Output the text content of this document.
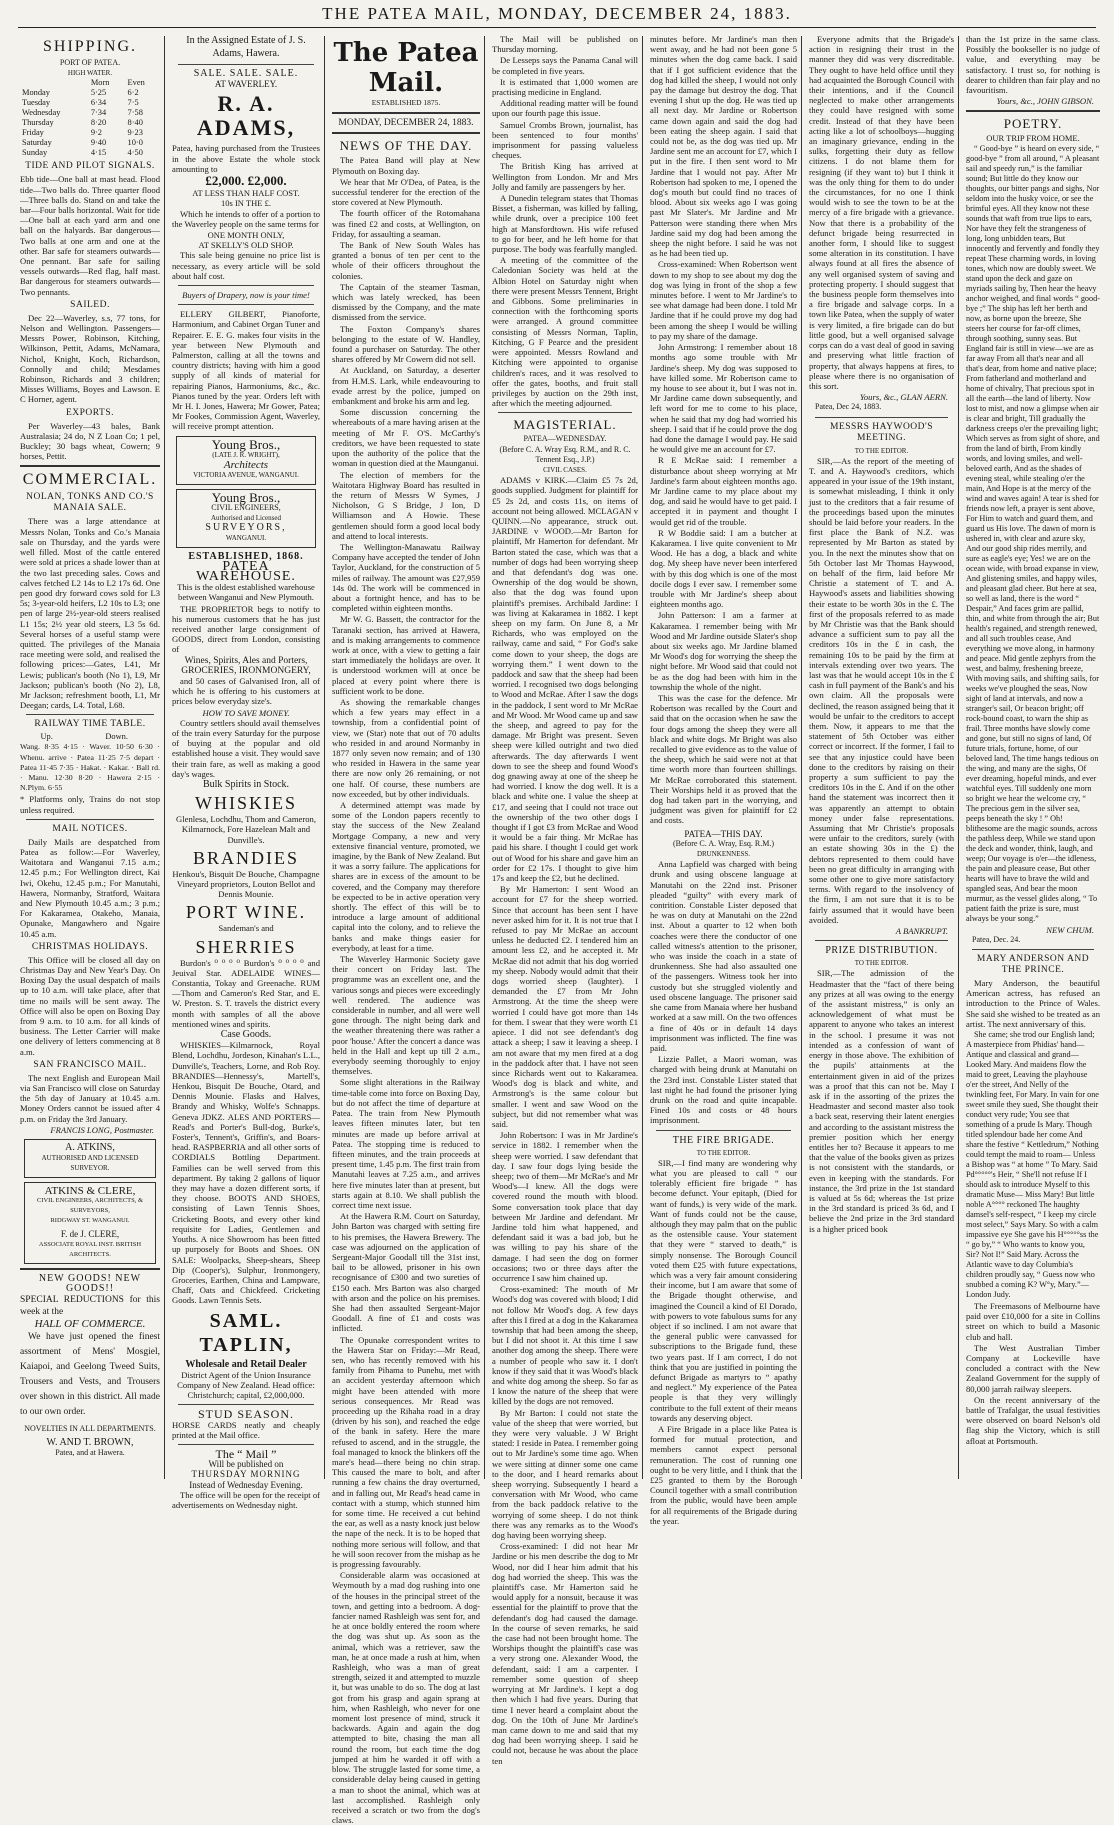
THE PATEA MAIL, MONDAY, DECEMBER 24, 1883.
SHIPPING.
PORT OF PATEA.
HIGH WATER.
	Morn	Even
Monday	5·25	6·2
Tuesday	6·34	7·5
Wednesday	7·34	7·58
Thursday	8·20	8·40
Friday	9·2	9·23
Saturday	9·40	10·0
Sunday	4·15	4·50
TIDE AND PILOT SIGNALS.

Ebb tide—One ball at mast head. Flood tide—Two balls do. Three quarter flood—Three balls do. Stand on and take the bar—Four balls horizontal. Wait for tide—One ball at each yard arm and one ball on the halyards. Bar dangerous—Two balls at one arm and one at the other. Bar safe for steamers outwards—One pennant. Bar safe for sailing vessels outwards—Red flag, half mast. Bar dangerous for steamers outwards—Two pennants.

SAILED.

Dec 22—Waverley, s.s, 77 tons, for Nelson and Wellington. Passengers—Messrs Power, Robinson, Kitching, Wilkinson, Pettit, Adams, McNamara, Nichol, Knight, Koch, Richardson, Connolly and child; Mesdames Robinson, Richards and 3 children; Misses Williams, Boyes and Lawson. E C Horner, agent.

EXPORTS.

Per Waverley—43 bales, Bank Australasia; 24 do, N Z Loan Co; 1 pel, Buckley; 30 bags wheat, Cowern; 9 horses, Pettit.

COMMERCIAL.
NOLAN, TONKS AND CO.'S MANAIA SALE.

There was a large attendance at Messrs Nolan, Tonks and Co.'s Manaia sale on Thursday, and the yards were well filled. Most of the cattle entered were sold at prices a shade lower than at the two last preceding sales. Cows and calves fetched L2 14s to L2 17s 6d. One pen good dry forward cows sold for L3 5s; 3-year-old heifers, L2 10s to L3; one pen of large 2½-year-old steers realised L1 15s; 2½ year old steers, L3 5s 6d. Several horses of a useful stamp were quitted. The privileges of the Manaia race meeting were sold, and realised the following prices:—Gates, L41, Mr Lewis; publican's booth (No 1), L9, Mr Jackson; publican's booth (No 2), L8, Mr Jackson; refreshment booth, L1, Mr Deegan; cards, L4. Total, L68.

RAILWAY TIME TABLE.
Up.	Down.

Wang. 8·35 4·15 · Waver. 10·50 6·30 · Whenu. arrive · Patea 11·25 7·5 depart · Patea 11·45 7·35 · Hakat. · Kakar. · Ball rd. · Manu. 12·30 8·20 · Hawera 2·15 · N.Plym. 6·55

* Platforms only, Trains do not stop unless required.

MAIL NOTICES.

Daily Mails are despatched from Patea as follow:—For Waverley, Waitotara and Wanganui 7.15 a.m.; 12.45 p.m.; For Wellington direct, Kai Iwi, Okehu, 12.45 p.m.; For Manutahi, Hawera, Normanby, Stratford, Waitara and New Plymouth 10.45 a.m.; 3 p.m.; For Kakaramea, Otakeho, Manaia, Opunake, Mangawhero and Ngaire 10.45 a.m.

CHRISTMAS HOLIDAYS.

This Office will be closed all day on Christmas Day and New Year's Day. On Boxing Day the usual despatch of mails up to 10 a.m. will take place, after that time no mails will be sent away. The Office will also be open on Boxing Day from 9 a.m. to 10 a.m. for all kinds of business. The Letter Carrier will make one delivery of letters commencing at 8 a.m.

SAN FRANCISCO MAIL.

The next English and European Mail via San Francisco will close on Saturday the 5th day of January at 10.45 a.m. Money Orders cannot be issued after 4 p.m. on Friday the 3rd January.

FRANCIS LONG, Postmaster.
A. ATKINS,
AUTHORISED AND LICENSED SURVEYOR.
ATKINS & CLERE,
CIVIL ENGINEERS, ARCHITECTS, & SURVEYORS,
RIDGWAY ST. WANGANUI.
F. de J. CLERE,
ASSOCIATE ROYAL INST. BRITISH ARCHITECTS.
NEW GOODS! NEW GOODS!!

SPECIAL REDUCTIONS for this week at the

HALL OF COMMERCE.

We have just opened the finest assortment of Mens' Mosgiel, Kaiapoi, and Geelong Tweed Suits, Trousers and Vests, and Trousers over shown in this district. All made to our own order.

NOVELTIES IN ALL DEPARTMENTS.
W. AND T. BROWN,
Patea, and at Hawera.
In the Assigned Estate of J. S. Adams, Hawera.
SALE. SALE. SALE.
AT WAVERLEY.
R. A. ADAMS,

Patea, having purchased from the Trustees in the above Estate the whole stock amounting to

£2,000. £2,000.
AT LESS THAN HALF COST.
10s IN THE £.

Which he intends to offer of a portion to the Waverley people on the same terms for

ONE MONTH ONLY,
AT SKELLY'S OLD SHOP.

This sale being genuine no price list is necessary, as every article will be sold about half cost.

Buyers of Drapery, now is your time!

ELLERY GILBERT, Pianoforte, Harmonium, and Cabinet Organ Tuner and Repairer. E. E. G. makes four visits in the year between New Plymouth and Palmerston, calling at all the towns and country districts; having with him a good supply of all kinds of material for repairing Pianos, Harmoniums, &c., &c. Pianos tuned by the year. Orders left with Mr H. I. Jones, Hawera; Mr Gower, Patea; Mr Fookes, Commission Agent, Waverley, will receive prompt attention.

Young Bros.,
(LATE J. R. WRIGHT),
Architects
VICTORIA AVENUE, WANGANUI.
Young Bros.,
CIVIL ENGINEERS,
Authorised and Licensed
SURVEYORS,
WANGANUI.
ESTABLISHED, 1868.
PATEA WAREHOUSE.

This is the oldest established warehouse between Wanganui and New Plymouth.

THE PROPRIETOR begs to notify to his numerous customers that he has just received another large consignment of GOODS, direct from London, consisting of

Wines, Spirits, Ales and Porters, GROCERIES, IRONMONGERY,

and 50 cases of Galvanised Iron, all of which he is offering to his customers at prices below everyday size's.

HOW TO SAVE MONEY.

Country settlers should avail themselves of the train every Saturday for the purpose of buying at the popular and old established house a visit. They would save their train fare, as well as making a good day's wages.

Bulk Spirits in Stock.
WHISKIES

Glenlesa, Lochdhu, Thom and Cameron, Kilmarnock, Fore Hazelean Malt and Dunville's.

BRANDIES

Henkou's, Bisquit De Bouche, Champagne Vineyard proprietors, Louton Bellot and Dennis Mounie.

PORT WINE.
Sandeman's and
SHERRIES

Burdon's ⁰ ⁰ ⁰ ⁰ Burdon's ⁰ ⁰ ⁰ ⁰ and Jeuival Star. ADELAIDE WINES—Constantia, Tokay and Greenache. RUM—Thom and Cameron's Red Star, and E. W. Preston. S. T. travels the district every month with samples of all the above mentioned wines and spirits.

Case Goods.

WHISKIES—Kilmarnock, Royal Blend, Lochdhu, Jordeson, Kinahan's L.L., Dunville's, Teachers, Lorne, and Rob Roy. BRANDIES—Hennessy's, Martell's, Henkou, Bisquit De Bouche, Otard, and Dennis Mounie. Flasks and Halves, Brandy and Whisky, Wolfe's Schnapps. Geneva JDKZ. ALES AND PORTERS—Read's and Porter's Bull-dog, Burke's, Foster's, Tennent's, Griffin's, and Boars-head. RASPBERRIA and all other sorts of CORDIALS Bottling Department. Families can be well served from this department. By taking 2 gallons of liquor they may have a dozen different sorts, if they choose. BOOTS AND SHOES, consisting of Lawn Tennis Shoes, Cricketing Boots, and every other kind requisite for Ladies, Gentlemen and Youths. A nice Showroom has been fitted up purposely for Boots and Shoes. ON SALE: Woolpacks, Sheep-shears, Sheep Dip (Cooper's), Sulphur, Ironmongery, Groceries, Earthen, China and Lampware, Chaff, Oats and Chickfeed. Cricketing Goods. Lawn Tennis Sets.

SAML. TAPLIN,
Wholesale and Retail Dealer

District Agent of the Union Insurance Company of New Zealand. Head office: Christchurch; capital, £2,000,000.

STUD SEASON.

HORSE CARDS neatly and cheaply printed at the Mail office.

The “ Mail ”
Will be published on
THURSDAY MORNING
Instead of Wednesday Evening.

The office will be open for the receipt of advertisements on Wednesday night.

The Patea Mail.
ESTABLISHED 1875.
MONDAY, DECEMBER 24, 1883.
NEWS OF THE DAY.

The Patea Band will play at New Plymouth on Boxing day.

We hear that Mr O'Dea, of Patea, is the successful tenderer for the erection of the store covered at New Plymouth.

The fourth officer of the Rotomahana was fined £2 and costs, at Wellington, on Friday, for assaulting a seaman.

The Bank of New South Wales has granted a bonus of ten per cent to the whole of their officers throughout the colonies.

The Captain of the steamer Tasman, which was lately wrecked, has been dismissed by the Company, and the mate dismissed from the service.

The Foxton Company's shares belonging to the estate of W. Handley, found a purchaser on Saturday. The other shares offered by Mr Cowern did not sell.

At Auckland, on Saturday, a deserter from H.M.S. Lark, while endeavouring to evade arrest by the police, jumped on embankment and broke his arm and leg.

Some discussion concerning the whereabouts of a mare having arisen at the meeting of Mr F. O'S. McCarthy's creditors, we have been requested to state upon the authority of the police that the woman in question died at the Maunganui.

The election of members for the Waitotara Highway Board has resulted in the return of Messrs W Symes, J Nicholson, G S Bridge, J Ion, D Williamson and A Howie. These gentlemen should form a good local body and attend to local interests.

The Wellington-Manawatu Railway Company have accepted the tender of John Taylor, Auckland, for the construction of 5 miles of railway. The amount was £27,959 14s 0d. The work will be commenced in about a fortnight hence, and has to be completed within eighteen months.

Mr W. G. Bassett, the contractor for the Taranaki section, has arrived at Hawera, and is making arrangements to commence work at once, with a view to getting a fair start immediately the holidays are over. It is understood workmen will at once be placed at every point where there is sufficient work to be done.

As showing the remarkable changes which a few years may effect in a township, from a confidential point of view, we (Star) note that out of 70 adults who resided in and around Normanby in 1877 only seven now remain; and of 130 who resided in Hawera in the same year there are now only 26 remaining, or not one half. Of course, these numbers are now exceeded, but by other individuals.

A determined attempt was made by some of the London papers recently to stay the success of the New Zealand Mortgage Company, a new and very extensive financial venture, promoted, we imagine, by the Bank of New Zealand. But it was a sorry failure. The applications for shares are in excess of the amount to be covered, and the Company may therefore be expected to be in active operation very shortly. The effect of this will be to introduce a large amount of additional capital into the colony, and to relieve the banks and make things easier for everybody, at least for a time.

The Waverley Harmonic Society gave their concert on Friday last. The programme was an excellent one, and the various songs and pieces were exceedingly well rendered. The audience was considerable in number, and all were well gone through. The night being dark and the weather threatening there was rather a poor 'house.' After the concert a dance was held in the Hall and kept up till 2 a.m., everybody seeming thoroughly to enjoy themselves.

Some slight alterations in the Railway time-table come into force on Boxing Day, but do not affect the time of departure at Patea. The train from New Plymouth leaves fifteen minutes later, but ten minutes are made up before arrival at Patea. The stopping time is reduced to fifteen minutes, and the train proceeds at present time, 1.45 p.m. The first train from Manutahi leaves at 7.25 a.m., and arrives here five minutes later than at present, but starts again at 8.10. We shall publish the correct time next issue.

At the Hawera R.M. Court on Saturday, John Barton was charged with setting fire to his premises, the Hawera Brewery. The case was adjourned on the application of Sergeant-Major Goodall till the 31st inst, bail to be allowed, prisoner in his own recognisance of £300 and two sureties of £150 each. Mrs Barton was also charged with arson and the police on his premises. She had then assaulted Sergeant-Major Goodall. A fine of £1 and costs was inflicted.

The Opunake correspondent writes to the Hawera Star on Friday:—Mr Read, sen, who has recently removed with his family from Pihama to Punehu, met with an accident yesterday afternoon which might have been attended with more serious consequences. Mr Read was proceeding up the Rihaha road in a dray (driven by his son), and reached the edge of the bank in safety. Here the mare refused to ascend, and in the struggle, the foal managed to knock the blinkers off the mare's head—there being no chin strap. This caused the mare to bolt, and after running a few chains the dray overturned, and in falling out, Mr Read's head came in contact with a stump, which stunned him for some time. He received a cut behind the ear, as well as a nasty knock just below the nape of the neck. It is to be hoped that nothing more serious will follow, and that he will soon recover from the mishap as he is progressing favourably.

Considerable alarm was occasioned at Weymouth by a mad dog rushing into one of the houses in the principal street of the town, and getting into a bedroom. A dog-fancier named Rashleigh was sent for, and he at once boldly entered the room where the dog was shut up. As soon as the animal, which was a retriever, saw the man, he at once made a rush at him, when Rashleigh, who was a man of great strength, seized it and attempted to muzzle it, but was unable to do so. The dog at last got from his grasp and again sprang at him, when Rashleigh, who never for one moment lost presence of mind, struck it backwards. Again and again the dog attempted to bite, chasing the man all round the room, but each time the dog jumped at him he warded it off with a blow. The struggle lasted for some time, a considerable delay being caused in getting a man to shoot the animal, which was at last accomplished. Rashleigh only received a scratch or two from the dog's claws.

The Mail will be published on Thursday morning.

De Lesseps says the Panama Canal will be completed in five years.

It is estimated that 1,000 women are practising medicine in England.

Additional reading matter will be found upon our fourth page this issue.

Samuel Crombs Brown, journalist, has been sentenced to four months' imprisonment for passing valueless cheques.

The British King has arrived at Wellington from London. Mr and Mrs Jolly and family are passengers by her.

A Dunedin telegram states that Thomas Bisset, a fisherman, was killed by falling, while drunk, over a precipice 100 feet high at Mansfordtown. His wife refused to go for beer, and he left home for that purpose. The body was fearfully mangled.

A meeting of the committee of the Caledonian Society was held at the Albion Hotel on Saturday night when there were present Messrs Tennent, Bright and Gibbons. Some preliminaries in connection with the forthcoming sports were arranged. A ground committee consisting of Messrs Norman, Taplin, Kitching, G F Pearce and the president were appointed. Messrs Rowland and Kitching were appointed to organise children's races, and it was resolved to offer the gates, booths, and fruit stall privileges by auction on the 29th inst, after which the meeting adjourned.

MAGISTERIAL.
PATEA—WEDNESDAY.
(Before C. A. Wray Esq. R.M., and R. C. Tennent Esq., J.P.)
CIVIL CASES.

ADAMS v KIRK.—Claim £5 7s 2d, goods supplied. Judgment for plaintiff for £5 2s 2d, and costs 11s, on items of account not being allowed. MCLAGAN v QUINN.—No appearance, struck out. JARDINE v WOOD.—Mr Barton for plaintiff, Mr Hamerton for defendant. Mr Barton stated the case, which was that a number of dogs had been worrying sheep and that defendant's dog was one. Ownership of the dog would be shown, also that the dog was found upon plaintiff's premises. Archibald Jardine: I was living at Kakaramea in 1882. I kept sheep on my farm. On June 8, a Mr Richards, who was employed on the railway, came and said, “ For God's sake come down to your sheep, the dogs are worrying them.” I went down to the paddock and saw that the sheep had been worried. I recognised two dogs belonging to Wood and McRae. After I saw the dogs in the paddock, I sent word to Mr McRae and Mr Wood. Mr Wood came up and saw the sheep, and agreed to pay for the damage. Mr Bright was present. Seven sheep were killed outright and two died afterwards. The day afterwards I went down to see the sheep and found Wood's dog gnawing away at one of the sheep he had worried. I know the dog well. It is a black and white one. I value the sheep at £17, and seeing that I could not trace out the ownership of the two other dogs I thought if I got £3 from McRae and Wood it would be a fair thing. Mr McRae has paid his share. I thought I could get work out of Wood for his share and gave him an order for £2 17s. I thought to give him 17s and keep the £2, but he declined.

By Mr Hamerton: I sent Wood an account for £7 for the sheep worried. Since that account has been sent I have never asked him for it. It is not true that I refused to pay Mr McRae an account unless he deducted £2. I tendered him an amount less £2, and he accepted it. Mr McRae did not admit that his dog worried my sheep. Nobody would admit that their dogs worried sheep (laughter). I demanded the £7 from Mr John Armstrong. At the time the sheep were worried I could have got more than 14s for them. I swear that they were worth £1 apiece. I did not see defendant's dog attack a sheep; I saw it leaving a sheep. I am not aware that my men fired at a dog in the paddock after that. I have not seen since Richards went out to Kakaramea. Wood's dog is black and white, and Armstrong's is the same colour but smaller. I went and saw Wood on the subject, but did not remember what was said.

John Robertson: I was in Mr Jardine's service in 1882. I remember when the sheep were worried. I saw defendant that day. I saw four dogs lying beside the sheep; two of them—Mr McRae's and Mr Wood's—I knew. All the dogs were covered round the mouth with blood. Some conversation took place that day between Mr Jardine and defendant. Mr Jardine told him what happened, and defendant said it was a bad job, but he was willing to pay his share of the damage. I had seen the dog on former occasions; two or three days after the occurrence I saw him chained up.

Cross-examined: The mouth of Mr Wood's dog was covered with blood; I did not follow Mr Wood's dog. A few days after this I fired at a dog in the Kakaramea township that had been among the sheep, but I did not shoot it. At this time I saw another dog among the sheep. There were a number of people who saw it. I don't know if they said that it was Wood's black and white dog among the sheep. So far as I know the nature of the sheep that were killed by the dogs are not removed.

By Mr Barton: I could not state the value of the sheep that were worried, but they were very valuable. J W Bright stated: I reside in Patea. I remember going out to Mr Jardine's some time ago. When we were sitting at dinner some one came to the door, and I heard remarks about sheep worrying. Subsequently I heard a conversation with Mr Wood, who came from the back paddock relative to the worrying of some sheep. I do not think there was any remarks as to the Wood's dog having been worrying sheep.

Cross-examined: I did not hear Mr Jardine or his men describe the dog to Mr Wood, nor did I hear him admit that his dog had worried the sheep. This was the plaintiff's case. Mr Hamerton said he would apply for a nonsuit, because it was essential for the plaintiff to prove that the defendant's dog had caused the damage. In the course of seven remarks, he said the case had not been brought home. The Worships thought the plaintiff's case was a very strong one. Alexander Wood, the defendant, said: I am a carpenter. I remember some question of sheep worrying at Mr Jardine's. I kept a dog then which I had five years. During that time I never heard a complaint about the dog. On the 10th of June Mr Jardine's man came down to me and said that my dog had been worrying sheep. I said he could not, because he was about the place ten

minutes before. Mr Jardine's man then went away, and he had not been gone 5 minutes when the dog came back. I said that if I got sufficient evidence that the dog had killed the sheep, I would not only pay the damage but destroy the dog. That evening I shut up the dog. He was tied up all next day. Mr Jardine or Robertson came down again and said the dog had been eating the sheep again. I said that could not be, as the dog was tied up. Mr Jardine sent me an account for £7, which I put in the fire. I then sent word to Mr Jardine that I would not pay. After Mr Robertson had spoken to me, I opened the dog's mouth but could find no traces of blood. About six weeks ago I was going past Mr Slater's. Mr Jardine and Mr Patterson were standing there when Mrs Jardine said my dog had been among the sheep the night before. I said he was not as he had been tied up.

Cross-examined: When Robertson went down to my shop to see about my dog the dog was lying in front of the shop a few minutes before. I went to Mr Jardine's to see what damage had been done. I told Mr Jardine that if he could prove my dog had been among the sheep I would be willing to pay my share of the damage.

John Armstrong: I remember about 18 months ago some trouble with Mr Jardine's sheep. My dog was supposed to have killed some. Mr Robertson came to my house to see about it, but I was not in. Mr Jardine came down subsequently, and left word for me to come to his place, when he said that my dog had worried his sheep. I said that if he could prove the dog had done the damage I would pay. He said he would give me an account for £7.

R E McRae said: I remember a disturbance about sheep worrying at Mr Jardine's farm about eighteen months ago. Mr Jardine came to my place about my dog, and said he would have to get paid. I accepted it in payment and thought I would get rid of the trouble.

R W Boddie said: I am a butcher at Kakaramea. I live quite convenient to Mr Wood. He has a dog, a black and white dog. My sheep have never been interfered with by this dog which is one of the most docile dogs I ever saw. I remember some trouble with Mr Jardine's sheep about eighteen months ago.

John Patterson: I am a farmer at Kakaramea. I remember being with Mr Wood and Mr Jardine outside Slater's shop about six weeks ago. Mr Jardine blamed Mr Wood's dog for worrying the sheep the night before. Mr Wood said that could not be as the dog had been with him in the township the whole of the night.

This was the case for the defence. Mr Robertson was recalled by the Court and said that on the occasion when he saw the four dogs among the sheep they were all black and white dogs. Mr Bright was also recalled to give evidence as to the value of the sheep, which he said were not at that time worth more than fourteen shillings. Mr McRae corroborated this statement. Their Worships held it as proved that the dog had taken part in the worrying, and judgment was given for plaintiff for £2 and costs.

PATEA—THIS DAY.
(Before C. A. Wray, Esq. R.M.)
DRUNKENNESS.

Anna Lapfield was charged with being drunk and using obscene language at Manutahi on the 22nd inst. Prisoner pleaded “guilty” with every mark of contrition. Constable Lister deposed that he was on duty at Manutahi on the 22nd inst. About a quarter to 12 when both coaches were there the conductor of one called witness's attention to the prisoner, who was inside the coach in a state of drunkenness. She had also assaulted one of the passengers. Witness took her into custody but she struggled violently and used obscene language. The prisoner said she came from Manaia where her husband worked at a saw mill. On the two offences a fine of 40s or in default 14 days imprisonment was inflicted. The fine was paid.

Lizzie Pallet, a Maori woman, was charged with being drunk at Manutahi on the 23rd inst. Constable Lister stated that last night he had found the prisoner lying drunk on the road and quite incapable. Fined 10s and costs or 48 hours imprisonment.

THE FIRE BRIGADE.
TO THE EDITOR.

SIR,—I find many are wondering why what you are pleased to call “ our tolerably efficient fire brigade ” has become defunct. Your epitaph, (Died for want of funds,) is very wide of the mark. Want of funds could not be the cause, although they may palm that on the public as the ostensible cause. Your statement that they were “ starved to death,” is simply nonsense. The Borough Council voted them £25 with future expectations, which was a very fair amount considering their income, but I am aware that some of the Brigade thought otherwise, and imagined the Council a kind of El Dorado, with powers to vote fabulous sums for any object if so inclined. I am not aware that the general public were canvassed for subscriptions to the Brigade fund, these two years past. If I am correct, I do not think that you are justified in pointing the defunct Brigade as martyrs to “ apathy and neglect.” My experience of the Patea people is that they very willingly contribute to the full extent of their means towards any deserving object.

A Fire Brigade in a place like Patea is formed for mutual protection, and members cannot expect personal remuneration. The cost of running one ought to be very little, and I think that the £25 granted to them by the Borough Council together with a small contribution from the public, would have been ample for all requirements of the Brigade during the year.

Everyone admits that the Brigade's action in resigning their trust in the manner they did was very discreditable. They ought to have held office until they had acquainted the Borough Council with their intentions, and if the Council neglected to make other arrangements they could have resigned with some credit. Instead of that they have been acting like a lot of schoolboys—hugging an imaginary grievance, ending in the sulks, forgetting their duty as fellow citizens. I do not blame them for resigning (if they want to) but I think it was the only thing for them to do under the circumstances, for no one I think would wish to see the town to be at the mercy of a fire brigade with a grievance. Now that there is a probability of the defunct brigade being resurrected in another form, I should like to suggest some alteration in its constitution. I have always found at all fires the absence of any well organised system of saving and protecting property. I should suggest that the business people form themselves into a fire brigade and salvage corps. In a town like Patea, when the supply of water is very limited, a fire brigade can do but little good, but a well organised salvage corps can do a vast deal of good in saving and preserving what little fraction of property, that always happens at fires, to please where there is no organisation of this sort.

Yours, &c., GLAN AERN.
Patea, Dec 24, 1883.
MESSRS HAYWOOD'S MEETING.
TO THE EDITOR.

SIR,—As the report of the meeting of T. and A. Haywood's creditors, which appeared in your issue of the 19th instant, is somewhat misleading, I think it only just to the creditors that a fair resume of the proceedings based upon the minutes should be laid before your readers. In the first place the Bank of N.Z. was represented by Mr Barton as stated by you. In the next the minutes show that on 5th October last Mr Thomas Haywood, on behalf of the firm, laid before Mr Christie a statement of T. and A. Haywood's assets and liabilities showing their estate to be worth 30s in the £. The first of the proposals referred to as made by Mr Christie was that the Bank should advance a sufficient sum to pay all the creditors 10s in the £ in cash, the remaining 10s to be paid by the firm at intervals extending over two years. The last was that he would accept 10s in the £ cash in full payment of the Bank's and his own claim. All the proposals were declined, the reason assigned being that it would be unfair to the creditors to accept them. Now, it appears to me that the statement of 5th October was either correct or incorrect. If the former, I fail to see that any injustice could have been done to the creditors by raising on their property a sum sufficient to pay the creditors 10s in the £. And if on the other hand the statement was incorrect then it was apparently an attempt to obtain money under false representations. Assuming that Mr Christie's proposals were unfair to the creditors, surely (with an estate showing 30s in the £) the debtors represented to them could have been no great difficulty in arranging with some other one to give more satisfactory terms. With regard to the insolvency of the firm, I am not sure that it is to be fairly assumed that it would have been avoided.

A BANKRUPT.
PRIZE DISTRIBUTION.
TO THE EDITOR.

SIR,—The admission of the Headmaster that the “fact of there being any prizes at all was owing to the energy of the assistant mistress,” is only an acknowledgement of what must be apparent to anyone who takes an interest in the school. I presume it was not intended as a confession of want of energy in those above. The exhibition of the pupils' attainments at the entertainment given in aid of the prizes was a proof that this can not be. May I ask if in the assorting of the prizes the Headmaster and second master also took a back seat, reserving their latent energies and according to the assistant mistress the premier position which her energy entitles her to? Because it appears to me that the value of the books given as prizes is not consistent with the standards, or even in keeping with the standards. For instance, the 3rd prize in the 1st standard is valued at 5s 6d; whereas the 1st prize in the 3rd standard is priced 3s 6d, and I believe the 2nd prize in the 3rd standard is a higher priced book

than the 1st prize in the same class. Possibly the bookseller is no judge of value, and everything may be satisfactory. I trust so, for nothing is dearer to children than fair play and no favouritism.

Yours, &c., JOHN GIBSON.
POETRY.
OUR TRIP FROM HOME.

“ Good-bye ” is heard on every side, “ good-bye ” from all around, “ A pleasant sail and speedy run,” is the familiar sound; But little do they know our thoughts, our bitter pangs and sighs, Nor seldom into the husky voice, or see the brimful eyes. All they know not these sounds that waft from true lips to ears, Nor have they felt the strangeness of long, long unbidden tears, But innocently and fervently and fondly they repeat These charming words, in loving tones, which now are doubly sweet. We stand upon the deck and gaze on myriads sailing by, Then hear the heavy anchor weighed, and final words “ good-bye ;” The ship has left her berth and now, as borne upon the breeze, She steers her course for far-off climes, through soothing, sunny seas. But England fair is still in view—we are as far away From all that's near and all that's dear, from home and native place; From fatherland and motherland and home of chivalry, That precious spot in all the earth—the land of liberty. Now lost to mist, and now a glimpse when air is clear and bright, Till gradually the darkness creeps o'er the prevailing light; Which serves as from sight of shore, and from the land of birth, From kindly words, and loving smiles, and well-beloved earth, And as the shades of evening steal, while stealing o'er the main, And Hope is at the mercy of the wind and waves again! A tear is shed for friends now left, a prayer is sent above, For Him to watch and guard them, and guard us His love. The dawn of morn is ushered in, with clear and azure sky, And our good ship rides merrily, and sure as eagle's eye; Yes! we are on the ocean wide, with broad expanse in view, And glistening smiles, and happy wiles, and pleasant glad cheer. But here at sea, so well as land, there is the word “ Despair,” And faces grim are pallid, thin, and white from through the air; But health's regained, and strength renewed, and all such troubles cease, And everything we move along, in harmony and peace. Mid gentle zephyrs from the west, and balmy, freshening breeze, With moving sails, and shifting sails, for weeks we've ploughed the seas, Now sight of land at intervals, and now a stranger's sail, Or beacon bright; off rock-bound coast, to warn the ship as frail. Three months have slowly come and gone, but still no signs of land, Of future trials, fortune, home, of our beloved land, The time hangs tedious on the wing, and many are the sighs, Of ever dreaming, hopeful minds, and ever watchful eyes. Till suddenly one morn so bright we hear the welcome cry, “ The precious gem in the silver sea, peeps beneath the sky ! ” Oh! blithesome are the magic sounds, across the pathless deep, While we stand upon the deck and wonder, think, laugh, and weep; Our voyage is o'er—the idleness, the pain and pleasure cease, But other hearts will have to brave the wild and spangled seas, And bear the moon murmur, as the vessel glides along, “ To patient faith the prize is sure, must always be your song.”

NEW CHUM.
Patea, Dec. 24.
MARY ANDERSON AND THE PRINCE.

Mary Anderson, the beautiful American actress, has refused an introduction to the Prince of Wales. She said she wished to be treated as an artist. The next anniversary of this.

She came; she trod our English land; A masterpiece from Phidias' hand— Antique and classical and grand— Looked Mary. And maidens flow the maid to greet, Leaving the playhouse o'er the street, And Nelly of the twinkling feet, For Mary. In vain for one sweet smile they sued, She thought their conduct very rude; You see that something of a prude Is Mary. Though titled splendour bade her come And share the festive “ Kettledrum,” Nothing could tempt the maid to roam— Unless a Bishop was “ at home ” To Mary. Said Pd°°°°°'s Heir, “ She'll not refuse If I should ask to introduce Myself to this dramatic Muse— Miss Mary! But little noble A°°°° reckoned The haughty damsel's self-respect, “ I keep my circle most select,” Says Mary. So with a calm impassive eye She gave his H°°°°°ss the “ go by,” “ Who wants to know you, Sir? Not I!” Said Mary. Across the Atlantic wave to day Columbia's children proudly say, “ Guess now who snubbed a coming K? W°y, Mary.”—London Judy.

The Freemasons of Melbourne have paid over £10,000 for a site in Collins street on which to build a Masonic club and hall.

The West Australian Timber Company at Lockeville have concluded a contract with the New Zealand Government for the supply of 80,000 jarrah railway sleepers.

On the recent anniversary of the battle of Trafalgar, the usual festivities were observed on board Nelson's old flag ship the Victory, which is still afloat at Portsmouth.
